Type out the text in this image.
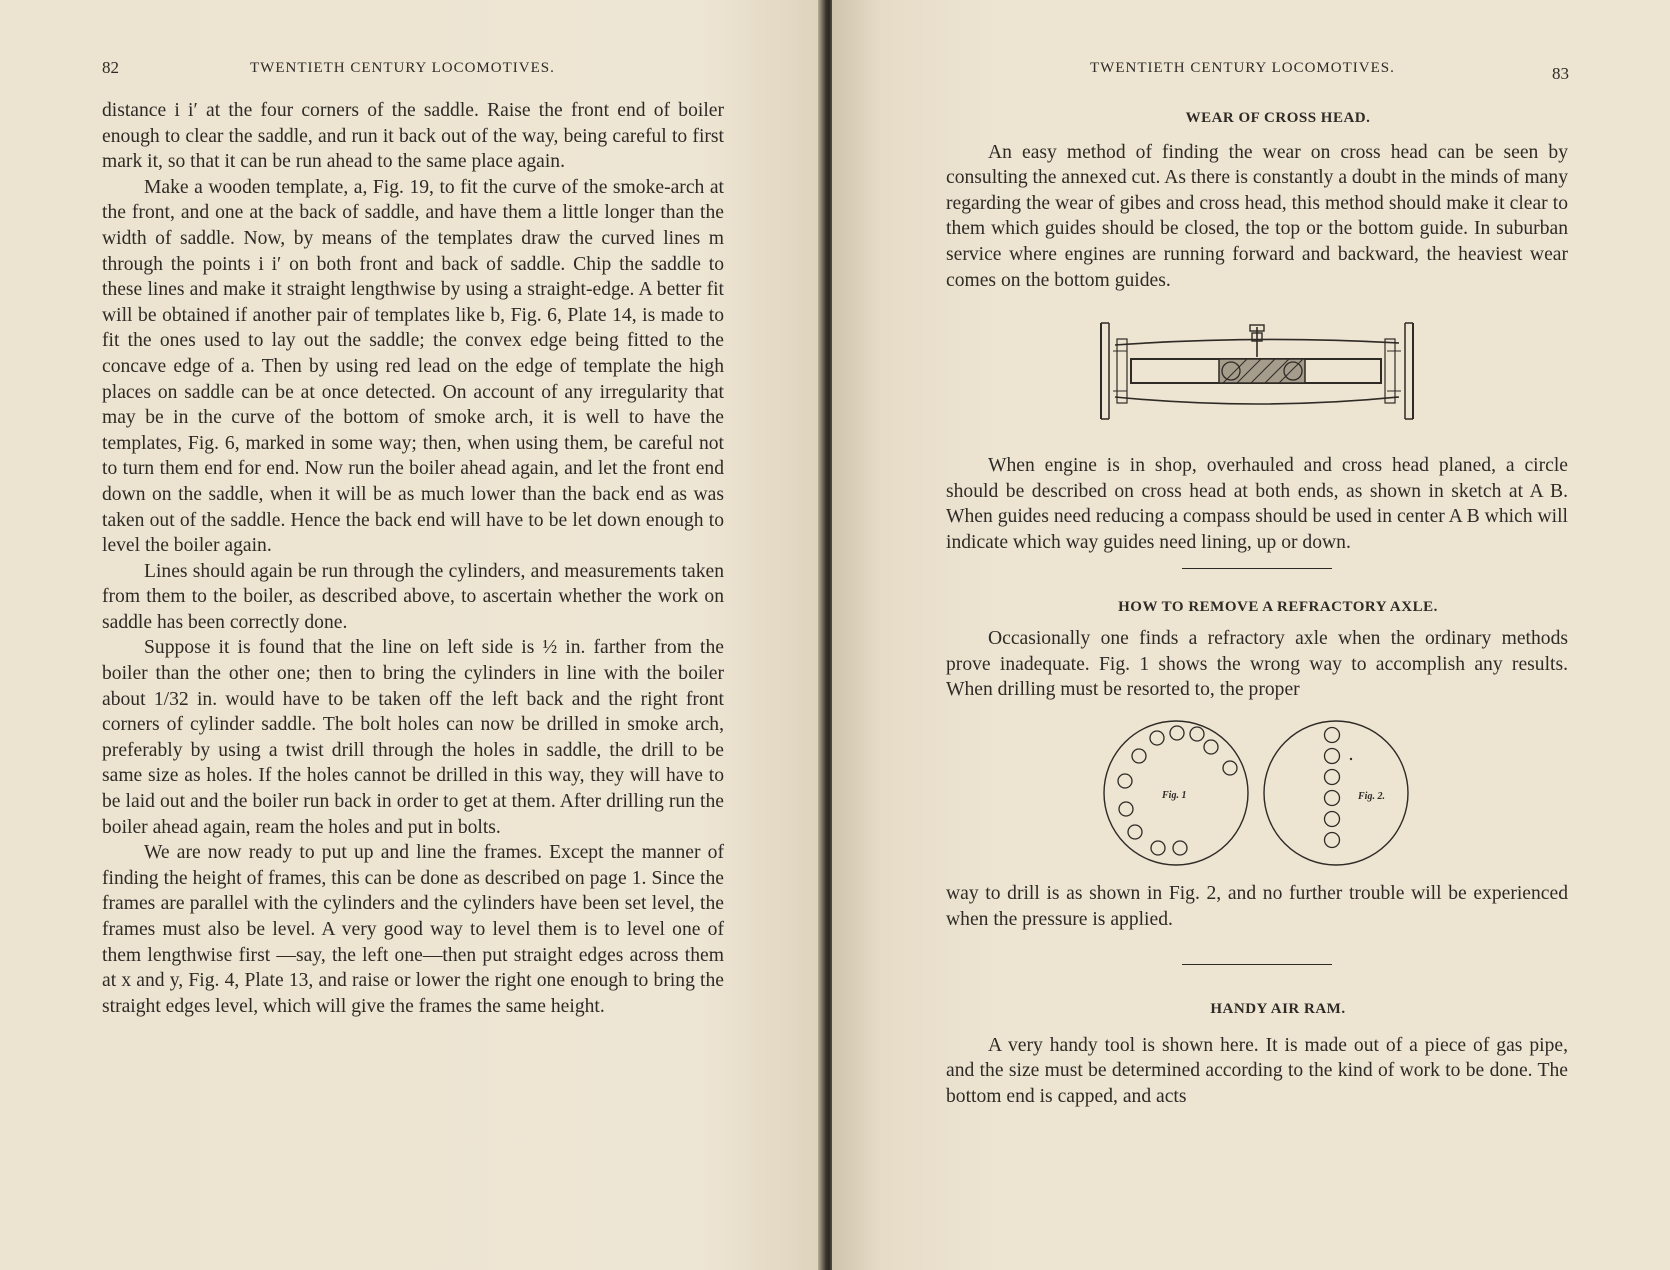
82	TWENTIETH CENTURY LOCOMOTIVES.

distance i i′ at the four corners of the saddle. Raise the front end of boiler enough to clear the saddle, and run it back out of the way, being careful to first mark it, so that it can be run ahead to the same place again.

Make a wooden template, a, Fig. 19, to fit the curve of the smoke-arch at the front, and one at the back of saddle, and have them a little longer than the width of saddle. Now, by means of the templates draw the curved lines m through the points i i′ on both front and back of saddle. Chip the saddle to these lines and make it straight lengthwise by using a straight-edge. A better fit will be obtained if another pair of templates like b, Fig. 6, Plate 14, is made to fit the ones used to lay out the saddle; the convex edge being fitted to the concave edge of a. Then by using red lead on the edge of template the high places on saddle can be at once detected. On account of any irregularity that may be in the curve of the bottom of smoke arch, it is well to have the templates, Fig. 6, marked in some way; then, when using them, be careful not to turn them end for end. Now run the boiler ahead again, and let the front end down on the saddle, when it will be as much lower than the back end as was taken out of the saddle. Hence the back end will have to be let down enough to level the boiler again.

Lines should again be run through the cylinders, and measurements taken from them to the boiler, as described above, to ascertain whether the work on saddle has been correctly done.

Suppose it is found that the line on left side is ½ in. farther from the boiler than the other one; then to bring the cylinders in line with the boiler about 1/32 in. would have to be taken off the left back and the right front corners of cylinder saddle. The bolt holes can now be drilled in smoke arch, preferably by using a twist drill through the holes in saddle, the drill to be same size as holes. If the holes cannot be drilled in this way, they will have to be laid out and the boiler run back in order to get at them. After drilling run the boiler ahead again, ream the holes and put in bolts.

We are now ready to put up and line the frames. Except the manner of finding the height of frames, this can be done as described on page 1. Since the frames are parallel with the cylinders and the cylinders have been set level, the frames must also be level. A very good way to level them is to level one of them lengthwise first —say, the left one—then put straight edges across them at x and y, Fig. 4, Plate 13, and raise or lower the right one enough to bring the straight edges level, which will give the frames the same height.

TWENTIETH CENTURY LOCOMOTIVES.	83

WEAR OF CROSS HEAD.

An easy method of finding the wear on cross head can be seen by consulting the annexed cut. As there is constantly a doubt in the minds of many regarding the wear of gibes and cross head, this method should make it clear to them which guides should be closed, the top or the bottom guide. In suburban service where engines are running forward and backward, the heaviest wear comes on the bottom guides.

When engine is in shop, overhauled and cross head planed, a circle should be described on cross head at both ends, as shown in sketch at A B. When guides need reducing a compass should be used in center A B which will indicate which way guides need lining, up or down.

HOW TO REMOVE A REFRACTORY AXLE.

Occasionally one finds a refractory axle when the ordinary methods prove inadequate. Fig. 1 shows the wrong way to accomplish any results. When drilling must be resorted to, the proper

Fig. 1	Fig. 2.

way to drill is as shown in Fig. 2, and no further trouble will be experienced when the pressure is applied.

HANDY AIR RAM.

A very handy tool is shown here. It is made out of a piece of gas pipe, and the size must be determined according to the kind of work to be done. The bottom end is capped, and acts
